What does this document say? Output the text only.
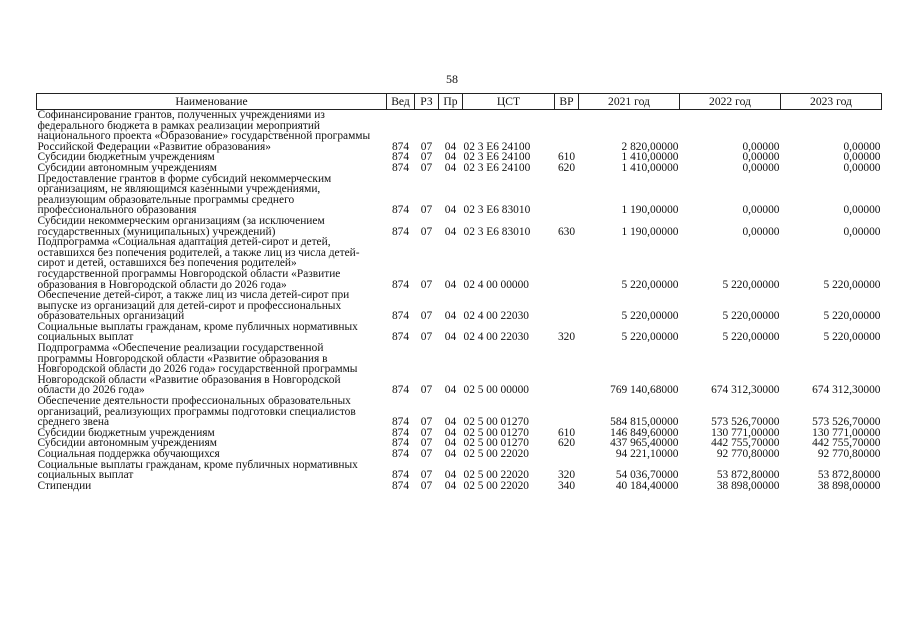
58
Наименование	Вед	РЗ	Пр	ЦСТ	ВР	2021 год	2022 год	2023 год
Софинансирование грантов, полученных учреждениями из федерального бюджета в рамках реализации мероприятий национального проекта «Образование» государственной программы Российской Федерации «Развитие образования»	874	07	04	02 3 Е6 24100		2 820,00000	0,00000	0,00000
Субсидии бюджетным учреждениям	874	07	04	02 3 Е6 24100	610	1 410,00000	0,00000	0,00000
Субсидии автономным учреждениям	874	07	04	02 3 Е6 24100	620	1 410,00000	0,00000	0,00000
Предоставление грантов в форме субсидий некоммерческим организациям, не являющимся казенными учреждениями, реализующим образовательные программы среднего профессионального образования	874	07	04	02 3 Е6 83010		1 190,00000	0,00000	0,00000
Субсидии некоммерческим организациям (за исключением государственных (муниципальных) учреждений)	874	07	04	02 3 Е6 83010	630	1 190,00000	0,00000	0,00000
Подпрограмма «Социальная адаптация детей-сирот и детей, оставшихся без попечения родителей, а также лиц из числа детей-сирот и детей, оставшихся без попечения родителей» государственной программы Новгородской области «Развитие образования в Новгородской области до 2026 года»	874	07	04	02 4 00 00000		5 220,00000	5 220,00000	5 220,00000
Обеспечение детей-сирот, а также лиц из числа детей-сирот при выпуске из организаций для детей-сирот и профессиональных образовательных организаций	874	07	04	02 4 00 22030		5 220,00000	5 220,00000	5 220,00000
Социальные выплаты гражданам, кроме публичных нормативных социальных выплат	874	07	04	02 4 00 22030	320	5 220,00000	5 220,00000	5 220,00000
Подпрограмма «Обеспечение реализации государственной программы Новгородской области «Развитие образования в Новгородской области до 2026 года» государственной программы Новгородской области «Развитие образования в Новгородской области до 2026 года»	874	07	04	02 5 00 00000		769 140,68000	674 312,30000	674 312,30000
Обеспечение деятельности профессиональных образовательных организаций, реализующих программы подготовки специалистов среднего звена	874	07	04	02 5 00 01270		584 815,00000	573 526,70000	573 526,70000
Субсидии бюджетным учреждениям	874	07	04	02 5 00 01270	610	146 849,60000	130 771,00000	130 771,00000
Субсидии автономным учреждениям	874	07	04	02 5 00 01270	620	437 965,40000	442 755,70000	442 755,70000
Социальная поддержка обучающихся	874	07	04	02 5 00 22020		94 221,10000	92 770,80000	92 770,80000
Социальные выплаты гражданам, кроме публичных нормативных социальных выплат	874	07	04	02 5 00 22020	320	54 036,70000	53 872,80000	53 872,80000
Стипендии	874	07	04	02 5 00 22020	340	40 184,40000	38 898,00000	38 898,00000
